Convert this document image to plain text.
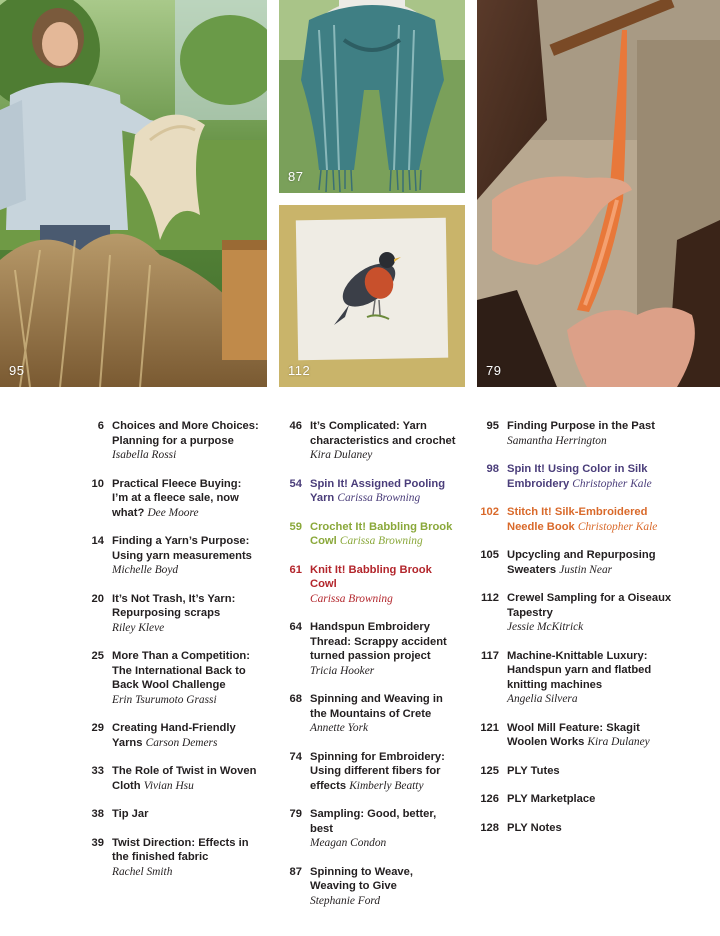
95
87
112	79
6 Choices and More Choices: Planning for a purpose
Isabella Rossi
10 Practical Fleece Buying: I’m at a fleece sale, now what? Dee Moore
14 Finding a Yarn’s Purpose: Using yarn measurements
Michelle Boyd
20 It’s Not Trash, It’s Yarn: Repurposing scraps
Riley Kleve
25 More Than a Competition: The International Back to Back Wool Challenge
Erin Tsurumoto Grassi
29 Creating Hand-Friendly Yarns Carson Demers
33 The Role of Twist in Woven Cloth Vivian Hsu
38 Tip Jar
39 Twist Direction: Effects in the finished fabric
Rachel Smith
46 It’s Complicated: Yarn characteristics and crochet Kira Dulaney
54 Spin It! Assigned Pooling Yarn Carissa Browning
59 Crochet It! Babbling Brook Cowl Carissa Browning
61 Knit It! Babbling Brook Cowl
Carissa Browning
64 Handspun Embroidery Thread: Scrappy accident turned passion project
Tricia Hooker
68 Spinning and Weaving in the Mountains of Crete
Annette York
74 Spinning for Embroidery: Using different fibers for effects Kimberly Beatty
79 Sampling: Good, better, best
Meagan Condon
87 Spinning to Weave, Weaving to Give
Stephanie Ford
95 Finding Purpose in the Past
Samantha Herrington
98 Spin It! Using Color in Silk Embroidery Christopher Kale
102 Stitch It! Silk-Embroidered Needle Book Christopher Kale
105 Upcycling and Repurposing Sweaters Justin Near
112 Crewel Sampling for a Oiseaux Tapestry
Jessie McKitrick
117 Machine-Knittable Luxury: Handspun yarn and flatbed knitting machines
Angelia Silvera
121 Wool Mill Feature: Skagit Woolen Works Kira Dulaney
125 PLY Tutes
126 PLY Marketplace
128 PLY Notes
